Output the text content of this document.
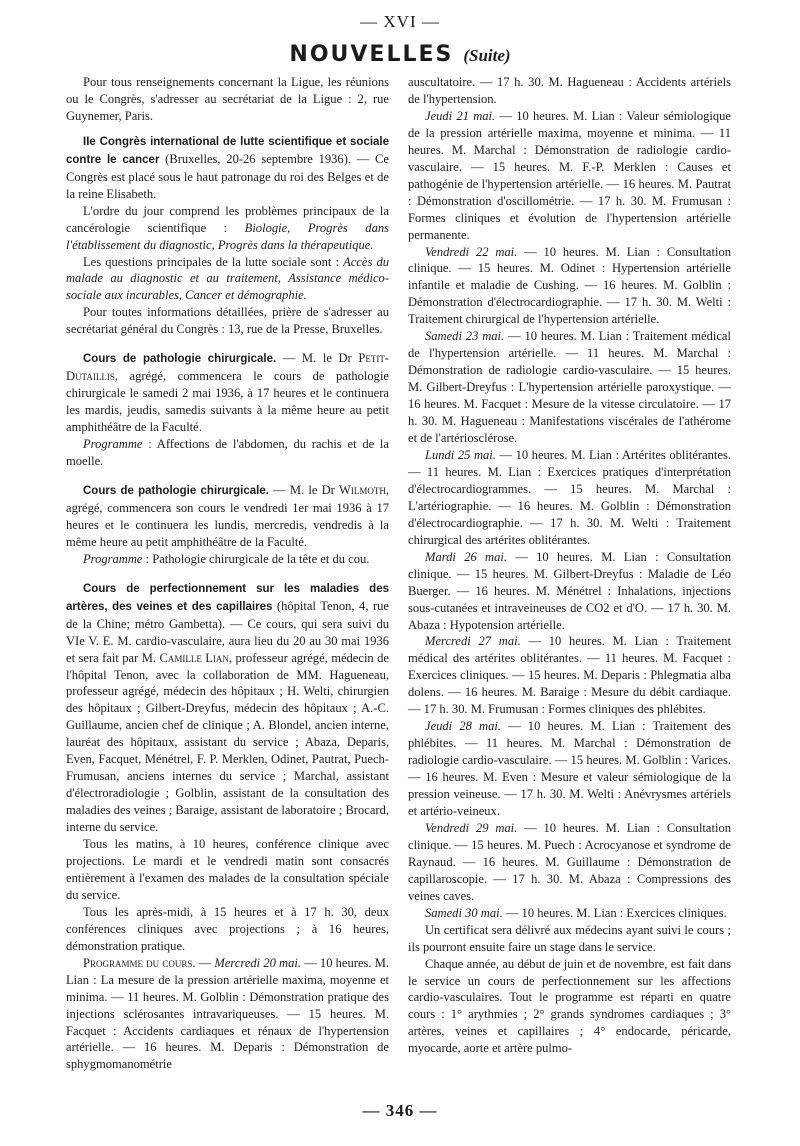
— XVI —
NOUVELLES (Suite)

Pour tous renseignements concernant la Ligue, les réunions ou le Congrès, s'adresser au secrétariat de la Ligue : 2, rue Guynemer, Paris.

IIe Congrès international de lutte scientifique et sociale contre le cancer (Bruxelles, 20-26 septembre 1936). — Ce Congrès est placé sous le haut patronage du roi des Belges et de la reine Elisabeth.

L'ordre du jour comprend les problèmes principaux de la cancérologie scientifique : Biologie, Progrès dans l'établissement du diagnostic, Progrès dans la thérapeutique.

Les questions principales de la lutte sociale sont : Accès du malade au diagnostic et au traitement, Assistance médico-sociale aux incurables, Cancer et démographie.

Pour toutes informations détaillées, prière de s'adresser au secrétariat général du Congrès : 13, rue de la Presse, Bruxelles.

Cours de pathologie chirurgicale. — M. le Dr Petit-Dutaillis, agrégé, commencera le cours de pathologie chirurgicale le samedi 2 mai 1936, à 17 heures et le continuera les mardis, jeudis, samedis suivants à la même heure au petit amphithéâtre de la Faculté.

Programme : Affections de l'abdomen, du rachis et de la moelle.

Cours de pathologie chirurgicale. — M. le Dr Wilmoth, agrégé, commencera son cours le vendredi 1er mai 1936 à 17 heures et le continuera les lundis, mercredis, vendredis à la même heure au petit amphithéâtre de la Faculté.

Programme : Pathologie chirurgicale de la tête et du cou.

Cours de perfectionnement sur les maladies des artères, des veines et des capillaires (hôpital Tenon, 4, rue de la Chine; métro Gambetta). — Ce cours, qui sera suivi du VIe V. E. M. cardio-vasculaire, aura lieu du 20 au 30 mai 1936 et sera fait par M. Camille Lian, professeur agrégé, médecin de l'hôpital Tenon, avec la collaboration de MM. Hagueneau, professeur agrégé, médecin des hôpitaux ; H. Welti, chirurgien des hôpitaux ; Gilbert-Dreyfus, médecin des hôpitaux ; A.-C. Guillaume, ancien chef de clinique ; A. Blondel, ancien interne, lauréat des hôpitaux, assistant du service ; Abaza, Deparis, Even, Facquet, Ménétrel, F. P. Merklen, Odinet, Pautrat, Puech-Frumusan, anciens internes du service ; Marchal, assistant d'électroradiologie ; Golblin, assistant de la consultation des maladies des veines ; Baraige, assistant de laboratoire ; Brocard, interne du service.

Tous les matins, à 10 heures, conférence clinique avec projections. Le mardi et le vendredi matin sont consacrés entièrement à l'examen des malades de la consultation spéciale du service.

Tous les après-midi, à 15 heures et à 17 h. 30, deux conférences cliniques avec projections ; à 16 heures, démonstration pratique.

Programme du cours. — Mercredi 20 mai. — 10 heures. M. Lian : La mesure de la pression artérielle maxima, moyenne et minima. — 11 heures. M. Golblin : Démonstration pratique des injections sclérosantes intravariqueuses. — 15 heures. M. Facquet : Accidents cardiaques et rénaux de l'hypertension artérielle. — 16 heures. M. Deparis : Démonstration de sphygmomanométrie

auscultatoire. — 17 h. 30. M. Hagueneau : Accidents artériels de l'hypertension.

Jeudi 21 mai. — 10 heures. M. Lian : Valeur sémiologique de la pression artérielle maxima, moyenne et minima. — 11 heures. M. Marchal : Démonstration de radiologie cardio-vasculaire. — 15 heures. M. F.-P. Merklen : Causes et pathogénie de l'hypertension artérielle. — 16 heures. M. Pautrat : Démonstration d'oscillométrie. — 17 h. 30. M. Frumusan : Formes cliniques et évolution de l'hypertension artérielle permanente.

Vendredi 22 mai. — 10 heures. M. Lian : Consultation clinique. — 15 heures. M. Odinet : Hypertension artérielle infantile et maladie de Cushing. — 16 heures. M. Golblin : Démonstration d'électrocardiographie. — 17 h. 30. M. Welti : Traitement chirurgical de l'hypertension artérielle.

Samedi 23 mai. — 10 heures. M. Lian : Traitement médical de l'hypertension artérielle. — 11 heures. M. Marchal : Démonstration de radiologie cardio-vasculaire. — 15 heures. M. Gilbert-Dreyfus : L'hypertension artérielle paroxystique. — 16 heures. M. Facquet : Mesure de la vitesse circulatoire. — 17 h. 30. M. Hagueneau : Manifestations viscérales de l'athérome et de l'artériosclérose.

Lundi 25 mai. — 10 heures. M. Lian : Artérites oblitérantes. — 11 heures. M. Lian : Exercices pratiques d'interprétation d'électrocardiogrammes. — 15 heures. M. Marchal : L'artériographie. — 16 heures. M. Golblin : Démonstration d'électrocardiographie. — 17 h. 30. M. Welti : Traitement chirurgical des artérites oblitérantes.

Mardi 26 mai. — 10 heures. M. Lian : Consultation clinique. — 15 heures. M. Gilbert-Dreyfus : Maladie de Léo Buerger. — 16 heures. M. Ménétrel : Inhalations, injections sous-cutanées et intraveineuses de CO2 et d'O. — 17 h. 30. M. Abaza : Hypotension artérielle.

Mercredi 27 mai. — 10 heures. M. Lian : Traitement médical des artérites oblitérantes. — 11 heures. M. Facquet : Exercices cliniques. — 15 heures. M. Deparis : Phlegmatia alba dolens. — 16 heures. M. Baraige : Mesure du débit cardiaque. — 17 h. 30. M. Frumusan : Formes cliniques des phlébites.

Jeudi 28 mai. — 10 heures. M. Lian : Traitement des phlébites. — 11 heures. M. Marchal : Démonstration de radiologie cardio-vasculaire. — 15 heures. M. Golblin : Varices. — 16 heures. M. Even : Mesure et valeur sémiologique de la pression veineuse. — 17 h. 30. M. Welti : Anévrysmes artériels et artério-veineux.

Vendredi 29 mai. — 10 heures. M. Lian : Consultation clinique. — 15 heures. M. Puech : Acrocyanose et syndrome de Raynaud. — 16 heures. M. Guillaume : Démonstration de capillaroscopie. — 17 h. 30. M. Abaza : Compressions des veines caves.

Samedi 30 mai. — 10 heures. M. Lian : Exercices cliniques.

Un certificat sera délivré aux médecins ayant suivi le cours ; ils pourront ensuite faire un stage dans le service.

Chaque année, au début de juin et de novembre, est fait dans le service un cours de perfectionnement sur les affections cardio-vasculaires. Tout le programme est réparti en quatre cours : 1° arythmies ; 2° grands syndromes cardiaques ; 3° artères, veines et capillaires ; 4° endocarde, péricarde, myocarde, aorte et artère pulmo-

— 346 —
